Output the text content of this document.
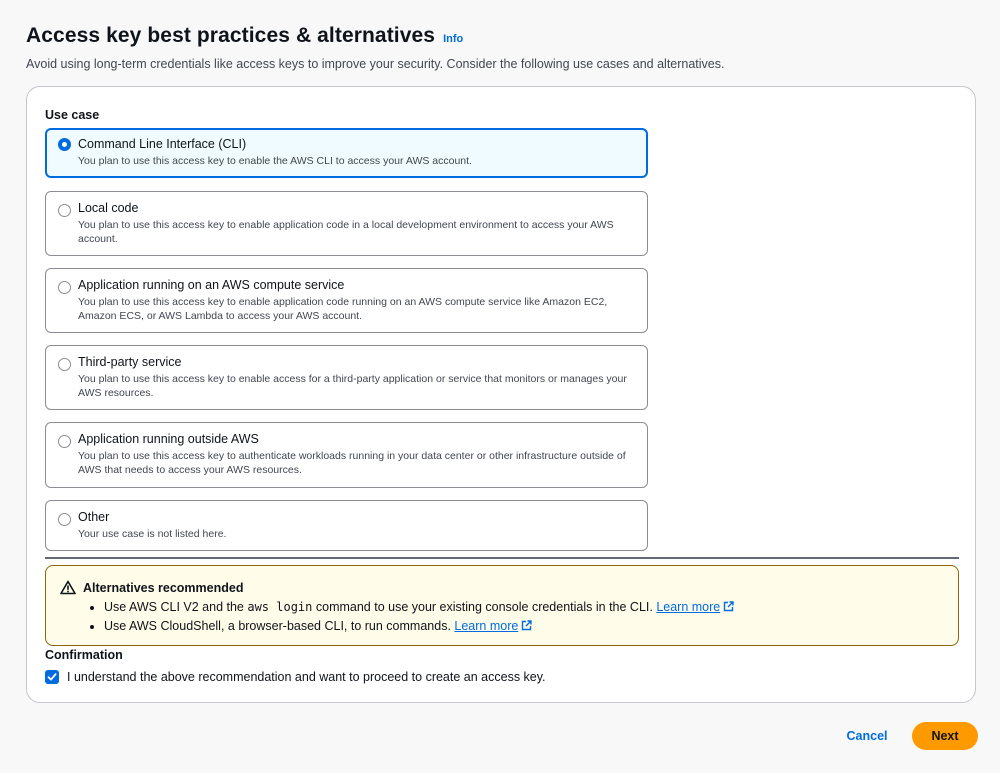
Access key best practices & alternatives Info
Avoid using long-term credentials like access keys to improve your security. Consider the following use cases and alternatives.
Use case
Command Line Interface (CLI)
You plan to use this access key to enable the AWS CLI to access your AWS account.
Local code
You plan to use this access key to enable application code in a local development environment to access your AWS account.
Application running on an AWS compute service
You plan to use this access key to enable application code running on an AWS compute service like Amazon EC2, Amazon ECS, or AWS Lambda to access your AWS account.
Third-party service
You plan to use this access key to enable access for a third-party application or service that monitors or manages your AWS resources.
Application running outside AWS
You plan to use this access key to authenticate workloads running in your data center or other infrastructure outside of AWS that needs to access your AWS resources.
Other
Your use case is not listed here.
Alternatives recommended
• Use AWS CLI V2 and the aws login command to use your existing console credentials in the CLI. Learn more
• Use AWS CloudShell, a browser-based CLI, to run commands. Learn more
Confirmation
I understand the above recommendation and want to proceed to create an access key.
Cancel	Next
